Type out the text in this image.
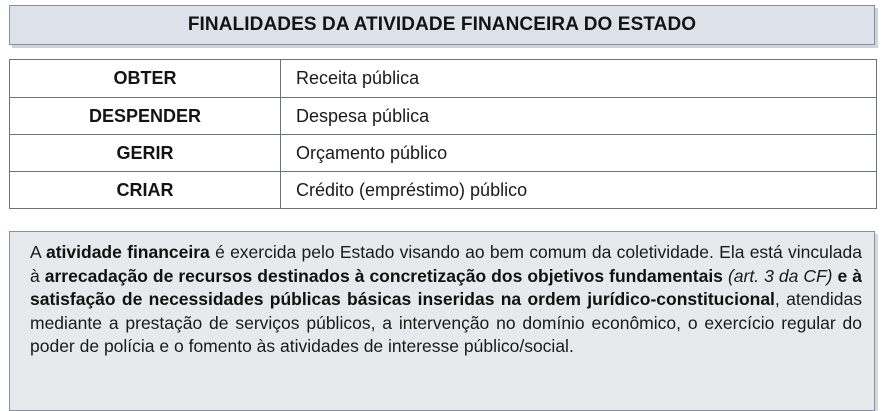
FINALIDADES DA ATIVIDADE FINANCEIRA DO ESTADO
OBTER	Receita pública
DESPENDER	Despesa pública
GERIR	Orçamento público
CRIAR	Crédito (empréstimo) público

A atividade financeira é exercida pelo Estado visando ao bem comum da coletividade. Ela está vinculada à arrecadação de recursos destinados à concretização dos objetivos fundamentais (art. 3 da CF) e à satisfação de necessidades públicas básicas inseridas na ordem jurídico-constitucional, atendidas mediante a prestação de serviços públicos, a intervenção no domínio econômico, o exercício regular do poder de polícia e o fomento às atividades de interesse público/social.
